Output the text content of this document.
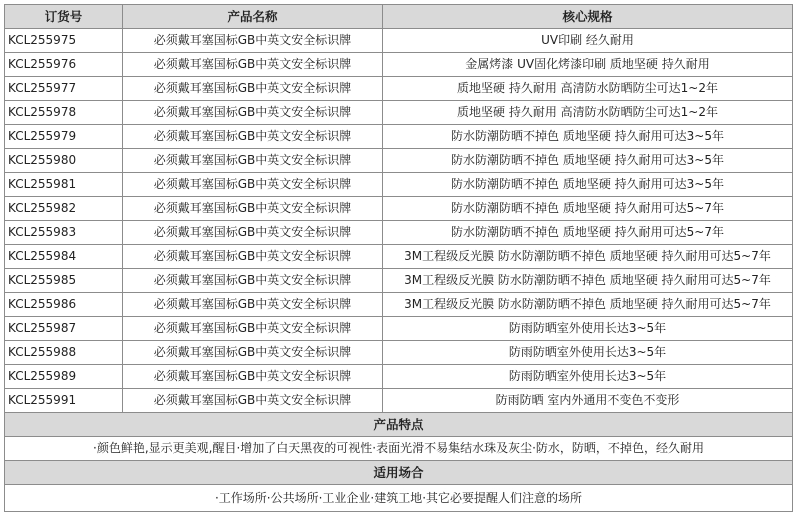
订货号	产品名称	核心规格
KCL255975	必须戴耳塞国标GB中英文安全标识牌	UV印刷 经久耐用
KCL255976	必须戴耳塞国标GB中英文安全标识牌	金属烤漆 UV固化烤漆印刷 质地坚硬 持久耐用
KCL255977	必须戴耳塞国标GB中英文安全标识牌	质地坚硬 持久耐用 高清防水防晒防尘可达1~2年
KCL255978	必须戴耳塞国标GB中英文安全标识牌	质地坚硬 持久耐用 高清防水防晒防尘可达1~2年
KCL255979	必须戴耳塞国标GB中英文安全标识牌	防水防潮防晒不掉色 质地坚硬 持久耐用可达3~5年
KCL255980	必须戴耳塞国标GB中英文安全标识牌	防水防潮防晒不掉色 质地坚硬 持久耐用可达3~5年
KCL255981	必须戴耳塞国标GB中英文安全标识牌	防水防潮防晒不掉色 质地坚硬 持久耐用可达3~5年
KCL255982	必须戴耳塞国标GB中英文安全标识牌	防水防潮防晒不掉色 质地坚硬 持久耐用可达5~7年
KCL255983	必须戴耳塞国标GB中英文安全标识牌	防水防潮防晒不掉色 质地坚硬 持久耐用可达5~7年
KCL255984	必须戴耳塞国标GB中英文安全标识牌	3M工程级反光膜 防水防潮防晒不掉色 质地坚硬 持久耐用可达5~7年
KCL255985	必须戴耳塞国标GB中英文安全标识牌	3M工程级反光膜 防水防潮防晒不掉色 质地坚硬 持久耐用可达5~7年
KCL255986	必须戴耳塞国标GB中英文安全标识牌	3M工程级反光膜 防水防潮防晒不掉色 质地坚硬 持久耐用可达5~7年
KCL255987	必须戴耳塞国标GB中英文安全标识牌	防雨防晒室外使用长达3~5年
KCL255988	必须戴耳塞国标GB中英文安全标识牌	防雨防晒室外使用长达3~5年
KCL255989	必须戴耳塞国标GB中英文安全标识牌	防雨防晒室外使用长达3~5年
KCL255991	必须戴耳塞国标GB中英文安全标识牌	防雨防晒 室内外通用不变色不变形
产品特点		
·颜色鲜艳,显示更美观,醒目·增加了白天黑夜的可视性·表面光滑不易集结水珠及灰尘·防水，防晒，不掉色，经久耐用		
适用场合		
·工作场所·公共场所·工业企业·建筑工地·其它必要提醒人们注意的场所		
